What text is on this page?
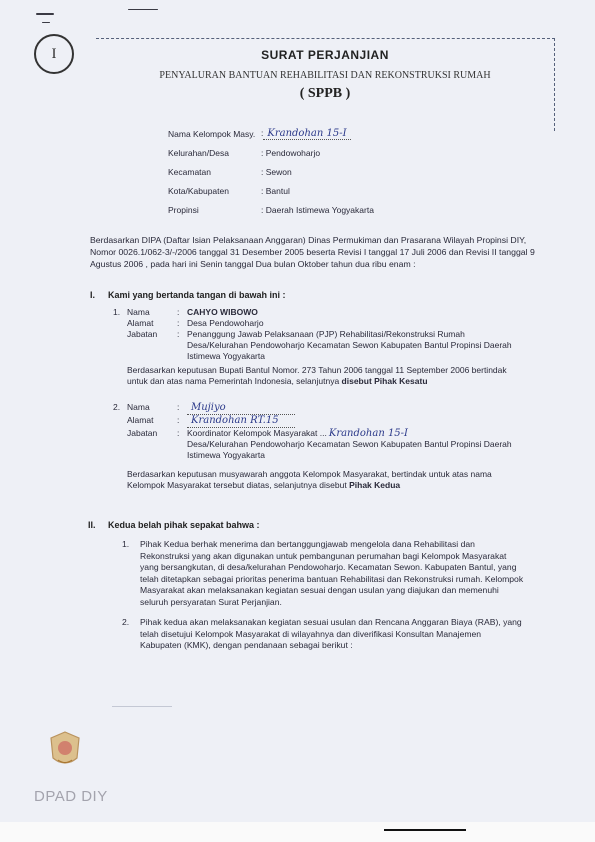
I	SURAT PERJANJIAN
PENYALURAN BANTUAN REHABILITASI DAN REKONSTRUKSI RUMAH
( SPPB )
Nama Kelompok Masy. : Krandohan 15-I
Kelurahan/Desa	: Pendowoharjo
Kecamatan	: Sewon
Kota/Kabupaten	: Bantul
Propinsi	: Daerah Istimewa Yogyakarta
Berdasarkan DIPA (Daftar Isian Pelaksanaan Anggaran) Dinas Permukiman dan Prasarana Wilayah Propinsi DIY, Nomor 0026.1/062-3/-/2006 tanggal 31 Desember 2005 beserta Revisi I tanggal 17 Juli 2006 dan Revisi II tanggal 9 Agustus 2006 , pada hari ini Senin tanggal Dua bulan Oktober tahun dua ribu enam :
I. Kami yang bertanda tangan di bawah ini :
1. Nama	: CAHYO WIBOWO
Alamat	: Desa Pendowoharjo
Jabatan	: Penanggung Jawab Pelaksanaan (PJP) Rehabilitasi/Rekonstruksi Rumah Desa/Kelurahan Pendowoharjo Kecamatan Sewon Kabupaten Bantul Propinsi Daerah Istimewa Yogyakarta
Berdasarkan keputusan Bupati Bantul Nomor. 273 Tahun 2006 tanggal 11 September 2006 bertindak untuk dan atas nama Pemerintah Indonesia, selanjutnya disebut Pihak Kesatu
2. Nama	:	Mujiyo
Alamat	:	Krandohan RT.15
Jabatan	: Koordinator Kelompok Masyarakat ... Krandohan 15-I
Desa/Kelurahan Pendowoharjo Kecamatan Sewon Kabupaten Bantul Propinsi Daerah Istimewa Yogyakarta
Berdasarkan keputusan musyawarah anggota Kelompok Masyarakat, bertindak untuk atas nama Kelompok Masyarakat tersebut diatas, selanjutnya disebut Pihak Kedua
II. Kedua belah pihak sepakat bahwa :
1. Pihak Kedua berhak menerima dan bertanggungjawab mengelola dana Rehabilitasi dan Rekonstruksi yang akan digunakan untuk pembangunan perumahan bagi Kelompok Masyarakat yang bersangkutan, di desa/kelurahan Pendowoharjo. Kecamatan Sewon. Kabupaten Bantul, yang telah ditetapkan sebagai prioritas penerima bantuan Rehabilitasi dan Rekonstruksi rumah. Kelompok Masyarakat akan melaksanakan kegiatan sesuai dengan usulan yang diajukan dan memenuhi seluruh persyaratan Surat Perjanjian.
2. Pihak kedua akan melaksanakan kegiatan sesuai usulan dan Rencana Anggaran Biaya (RAB), yang telah disetujui Kelompok Masyarakat di wilayahnya dan diverifikasi Konsultan Manajemen Kabupaten (KMK), dengan pendanaan sebagai berikut :
DPAD DIY
